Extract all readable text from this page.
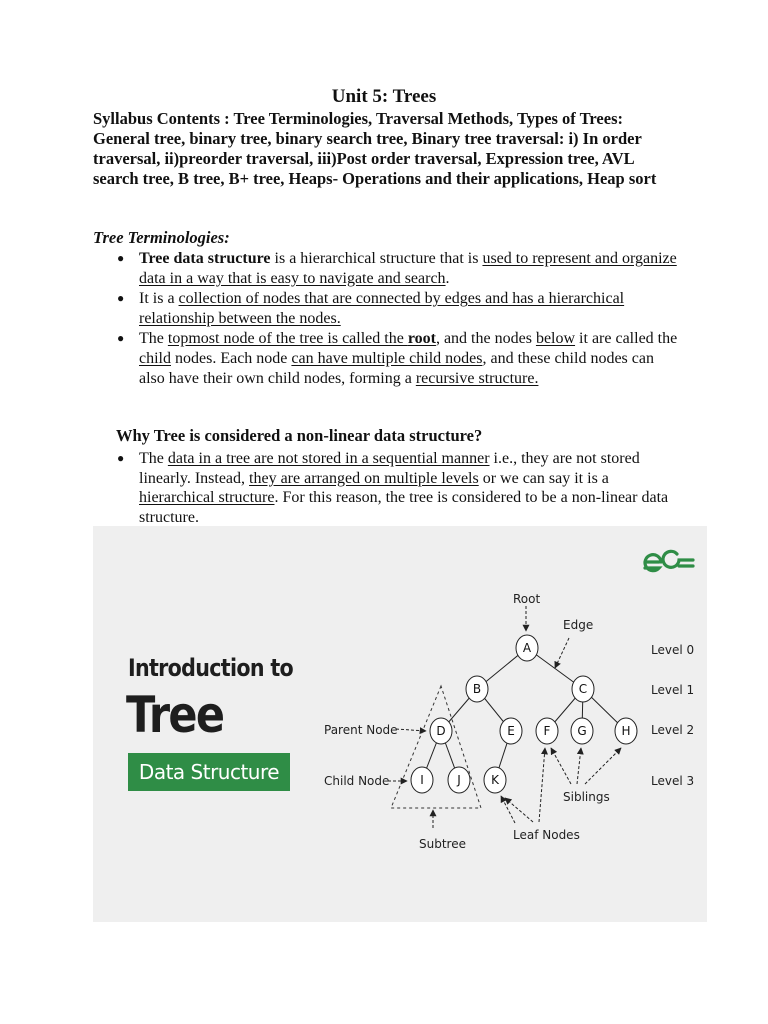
Unit 5: Trees
Syllabus Contents : Tree Terminologies, Traversal Methods, Types of Trees: General tree, binary tree, binary search tree, Binary tree traversal: i) In order traversal, ii)preorder traversal, iii)Post order traversal, Expression tree, AVL search tree, B tree, B+ tree, Heaps- Operations and their applications, Heap sort
Tree Terminologies:
● Tree data structure is a hierarchical structure that is used to represent and organize data in a way that is easy to navigate and search.
● It is a collection of nodes that are connected by edges and has a hierarchical relationship between the nodes.
● The topmost node of the tree is called the root, and the nodes below it are called the child nodes. Each node can have multiple child nodes, and these child nodes can also have their own child nodes, forming a recursive structure.
Why Tree is considered a non-linear data structure?
● The data in a tree are not stored in a sequential manner i.e., they are not stored linearly. Instead, they are arranged on multiple levels or we can say it is a hierarchical structure. For this reason, the tree is considered to be a non-linear data structure.
Introduction to
Tree
Data Structure
A
B	C
D	E F G	H
I	J	K
Root
Edge
Parent Node
Child Node
Siblings
Leaf Nodes
Subtree
Level 0
Level 1
Level 2
Level 3
